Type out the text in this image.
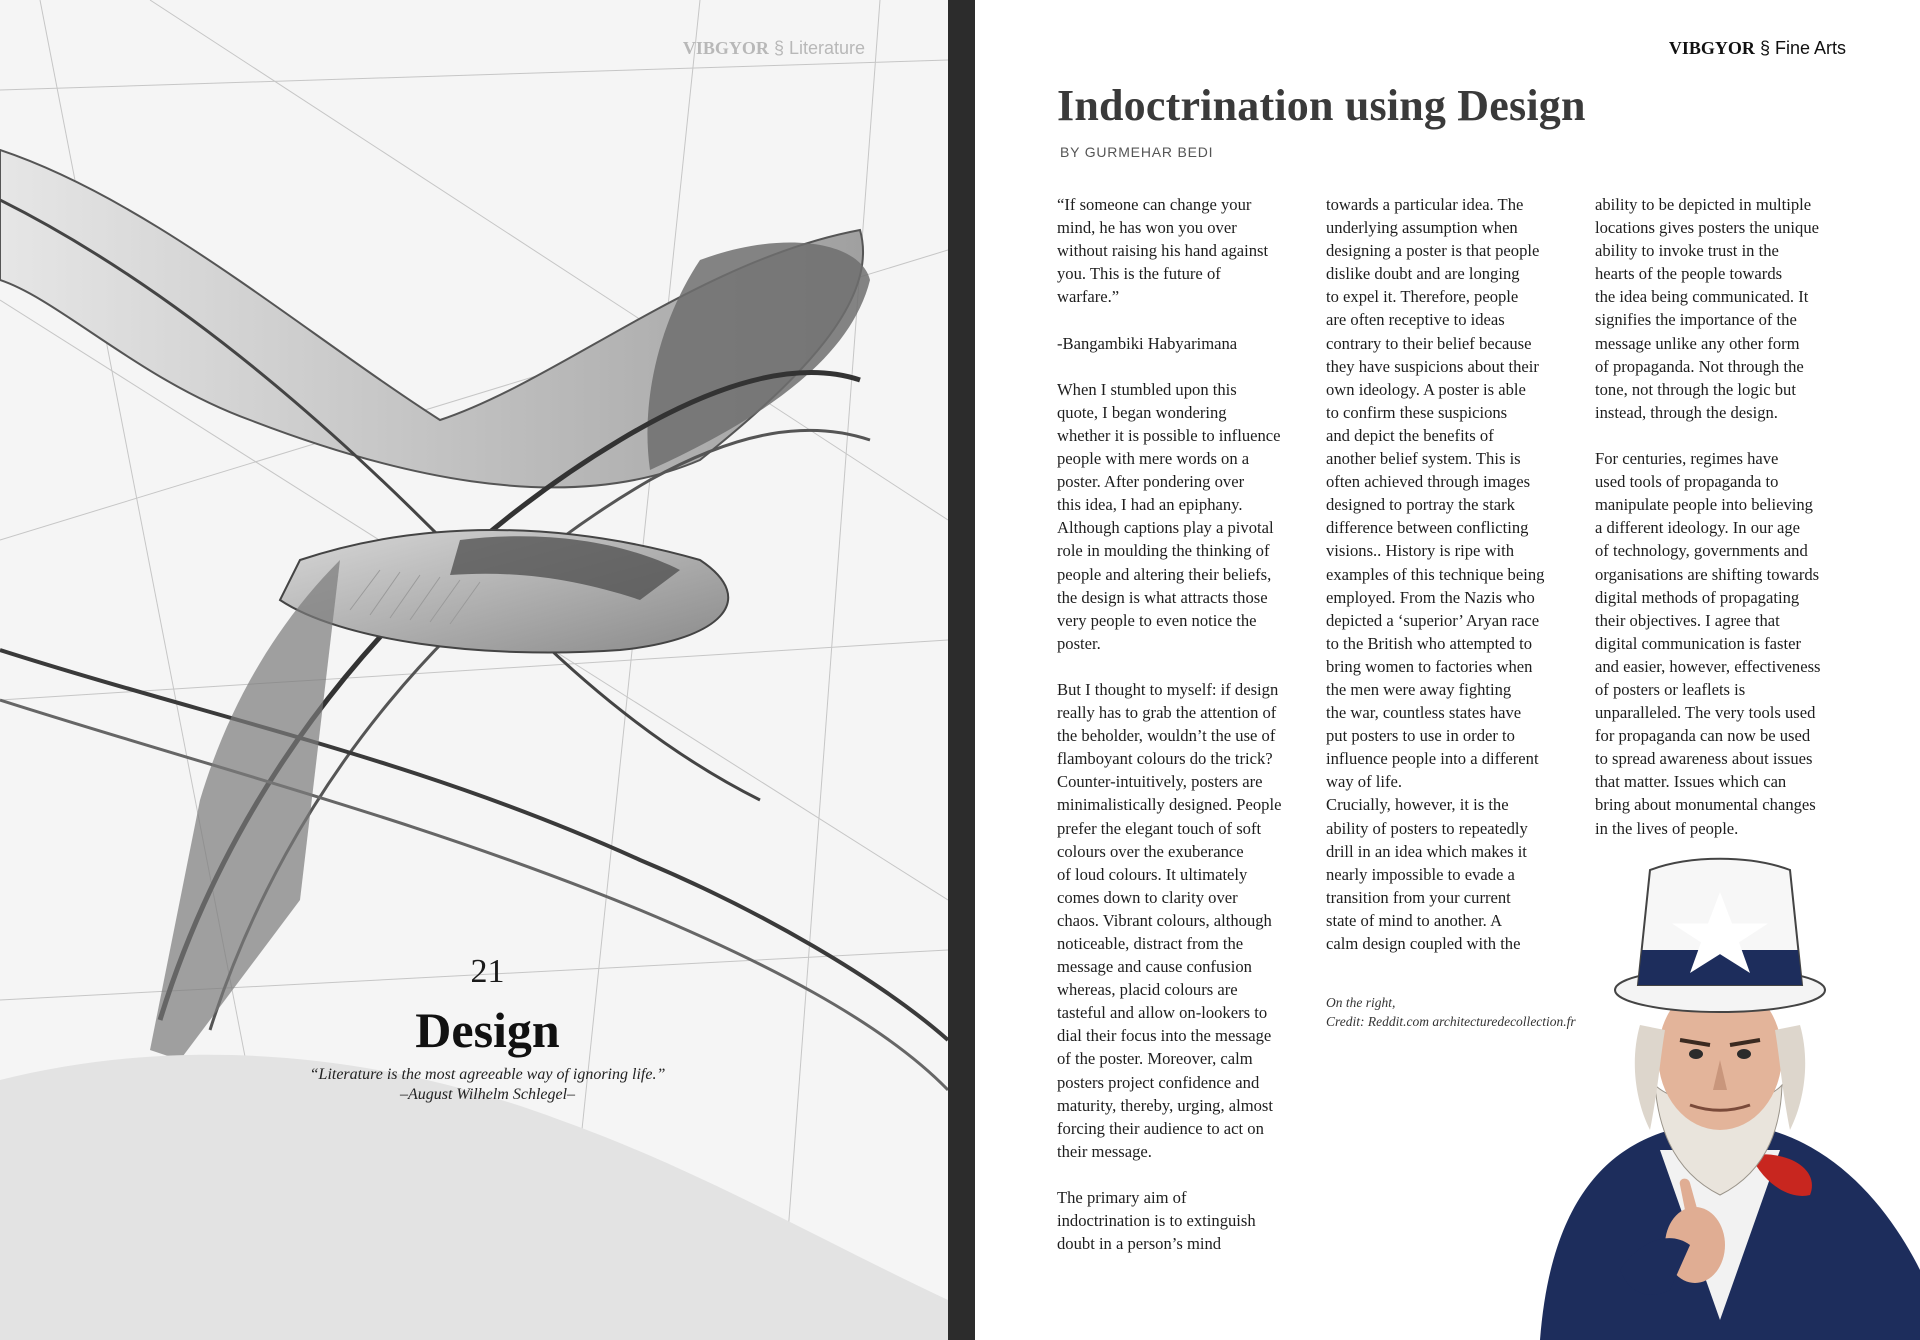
VIBGYOR § Literature
21
Design
“Literature is the most agreeable way of ignoring life.”
–August Wilhelm Schlegel–
VIBGYOR § Fine Arts
Indoctrination using Design
BY GURMEHAR BEDI

“If someone can change your
mind, he has won you over
without raising his hand against
you. This is the future of
warfare.”

-Bangambiki Habyarimana

When I stumbled upon this
quote, I began wondering
whether it is possible to influence
people with mere words on a
poster. After pondering over
this idea, I had an epiphany.
Although captions play a pivotal
role in moulding the thinking of
people and altering their beliefs,
the design is what attracts those
very people to even notice the
poster.

But I thought to myself: if design
really has to grab the attention of
the beholder, wouldn’t the use of
flamboyant colours do the trick?
Counter-intuitively, posters are
minimalistically designed. People
prefer the elegant touch of soft
colours over the exuberance
of loud colours. It ultimately
comes down to clarity over
chaos. Vibrant colours, although
noticeable, distract from the
message and cause confusion
whereas, placid colours are
tasteful and allow on-lookers to
dial their focus into the message
of the poster. Moreover, calm
posters project confidence and
maturity, thereby, urging, almost
forcing their audience to act on
their message.

The primary aim of
indoctrination is to extinguish
doubt in a person’s mind

towards a particular idea. The
underlying assumption when
designing a poster is that people
dislike doubt and are longing
to expel it. Therefore, people
are often receptive to ideas
contrary to their belief because
they have suspicions about their
own ideology. A poster is able
to confirm these suspicions
and depict the benefits of
another belief system. This is
often achieved through images
designed to portray the stark
difference between conflicting
visions.. History is ripe with
examples of this technique being
employed. From the Nazis who
depicted a ‘superior’ Aryan race
to the British who attempted to
bring women to factories when
the men were away fighting
the war, countless states have
put posters to use in order to
influence people into a different
way of life.

Crucially, however, it is the
ability of posters to repeatedly
drill in an idea which makes it
nearly impossible to evade a
transition from your current
state of mind to another. A
calm design coupled with the

ability to be depicted in multiple
locations gives posters the unique
ability to invoke trust in the
hearts of the people towards
the idea being communicated. It
signifies the importance of the
message unlike any other form
of propaganda. Not through the
tone, not through the logic but
instead, through the design.

For centuries, regimes have
used tools of propaganda to
manipulate people into believing
a different ideology. In our age
of technology, governments and
organisations are shifting towards
digital methods of propagating
their objectives. I agree that
digital communication is faster
and easier, however, effectiveness
of posters or leaflets is
unparalleled. The very tools used
for propaganda can now be used
to spread awareness about issues
that matter. Issues which can
bring about monumental changes
in the lives of people.

On the right,
Credit: Reddit.com architecturedecollection.fr
